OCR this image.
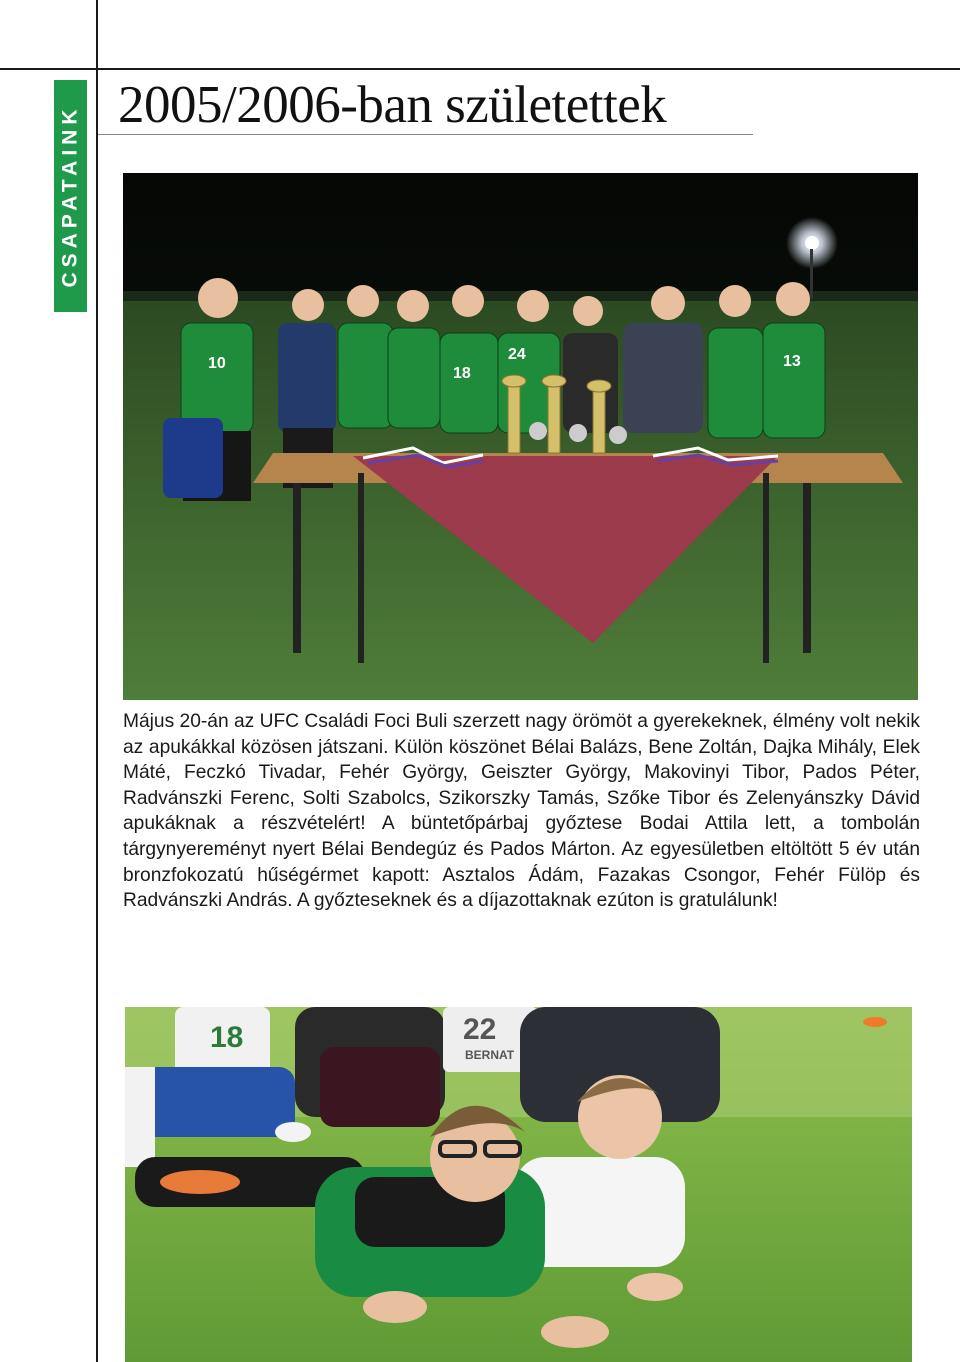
CSAPATAINK 2005/2006-ban születettek
10
18
24	13

Május 20-án az UFC Családi Foci Buli szerzett nagy örömöt a gyerekeknek, élmény volt nekik az apukákkal közösen játszani. Külön köszönet Bélai Balázs, Bene Zoltán, Dajka Mihály, Elek Máté, Feczkó Tivadar, Fehér György, Geiszter György, Makovinyi Tibor, Pados Péter, Radvánszki Ferenc, Solti Szabolcs, Szikorszky Tamás, Szőke Tibor és Zelenyánszky Dávid apukáknak a részvételért! A büntetőpárbaj győztese Bodai Attila lett, a tombolán tárgynyereményt nyert Bélai Bendegúz és Pados Márton. Az egyesületben eltöltött 5 év után bronzfokozatú hűségérmet kapott: Asztalos Ádám, Fazakas Csongor, Fehér Fülöp és Radvánszki András. A győzteseknek és a díjazottaknak ezúton is gratulálunk!

18	22
BERNAT
